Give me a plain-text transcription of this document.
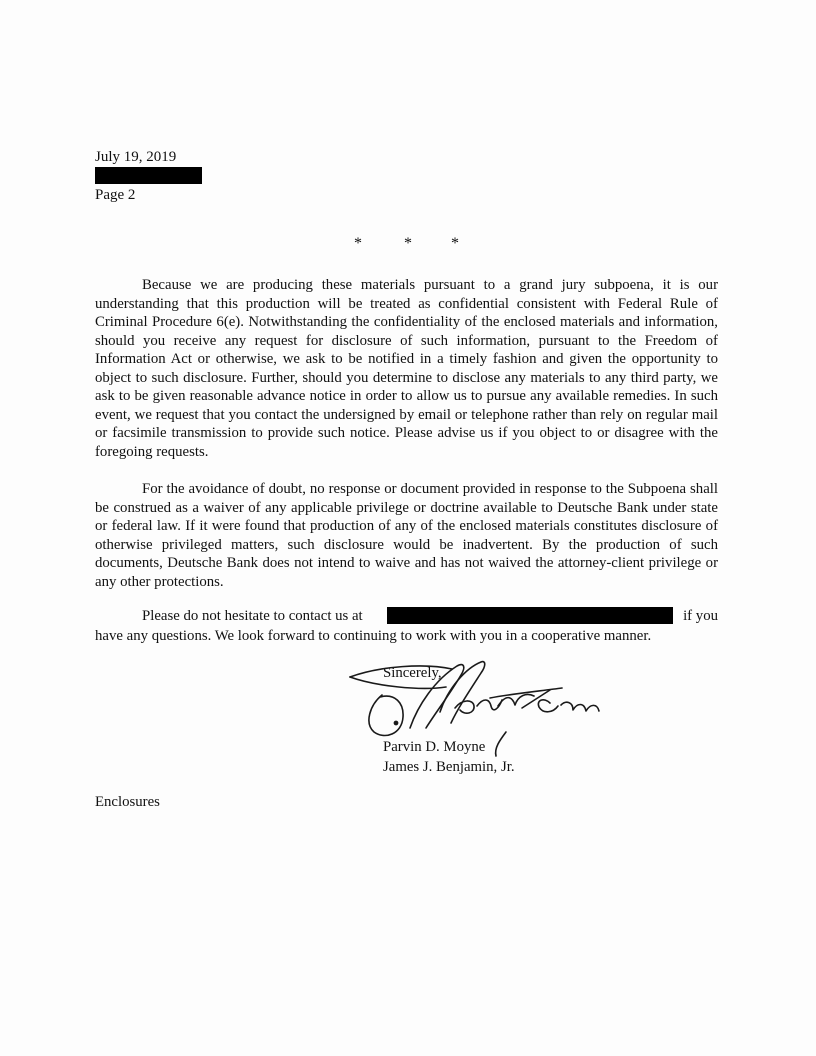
July 19, 2019
Page 2
*	*	*

Because we are producing these materials pursuant to a grand jury subpoena, it is our understanding that this production will be treated as confidential consistent with Federal Rule of Criminal Procedure 6(e). Notwithstanding the confidentiality of the enclosed materials and information, should you receive any request for disclosure of such information, pursuant to the Freedom of Information Act or otherwise, we ask to be notified in a timely fashion and given the opportunity to object to such disclosure. Further, should you determine to disclose any materials to any third party, we ask to be given reasonable advance notice in order to allow us to pursue any available remedies. In such event, we request that you contact the undersigned by email or telephone rather than rely on regular mail or facsimile transmission to provide such notice. Please advise us if you object to or disagree with the foregoing requests.

For the avoidance of doubt, no response or document provided in response to the Subpoena shall be construed as a waiver of any applicable privilege or doctrine available to Deutsche Bank under state or federal law. If it were found that production of any of the enclosed materials constitutes disclosure of otherwise privileged matters, such disclosure would be inadvertent. By the production of such documents, Deutsche Bank does not intend to waive and has not waived the attorney-client privilege or any other protections.

Please do not hesitate to contact us at	if you
have any questions. We look forward to continuing to work with you in a cooperative manner.
Sincerely,
Parvin D. Moyne
James J. Benjamin, Jr.
Enclosures
